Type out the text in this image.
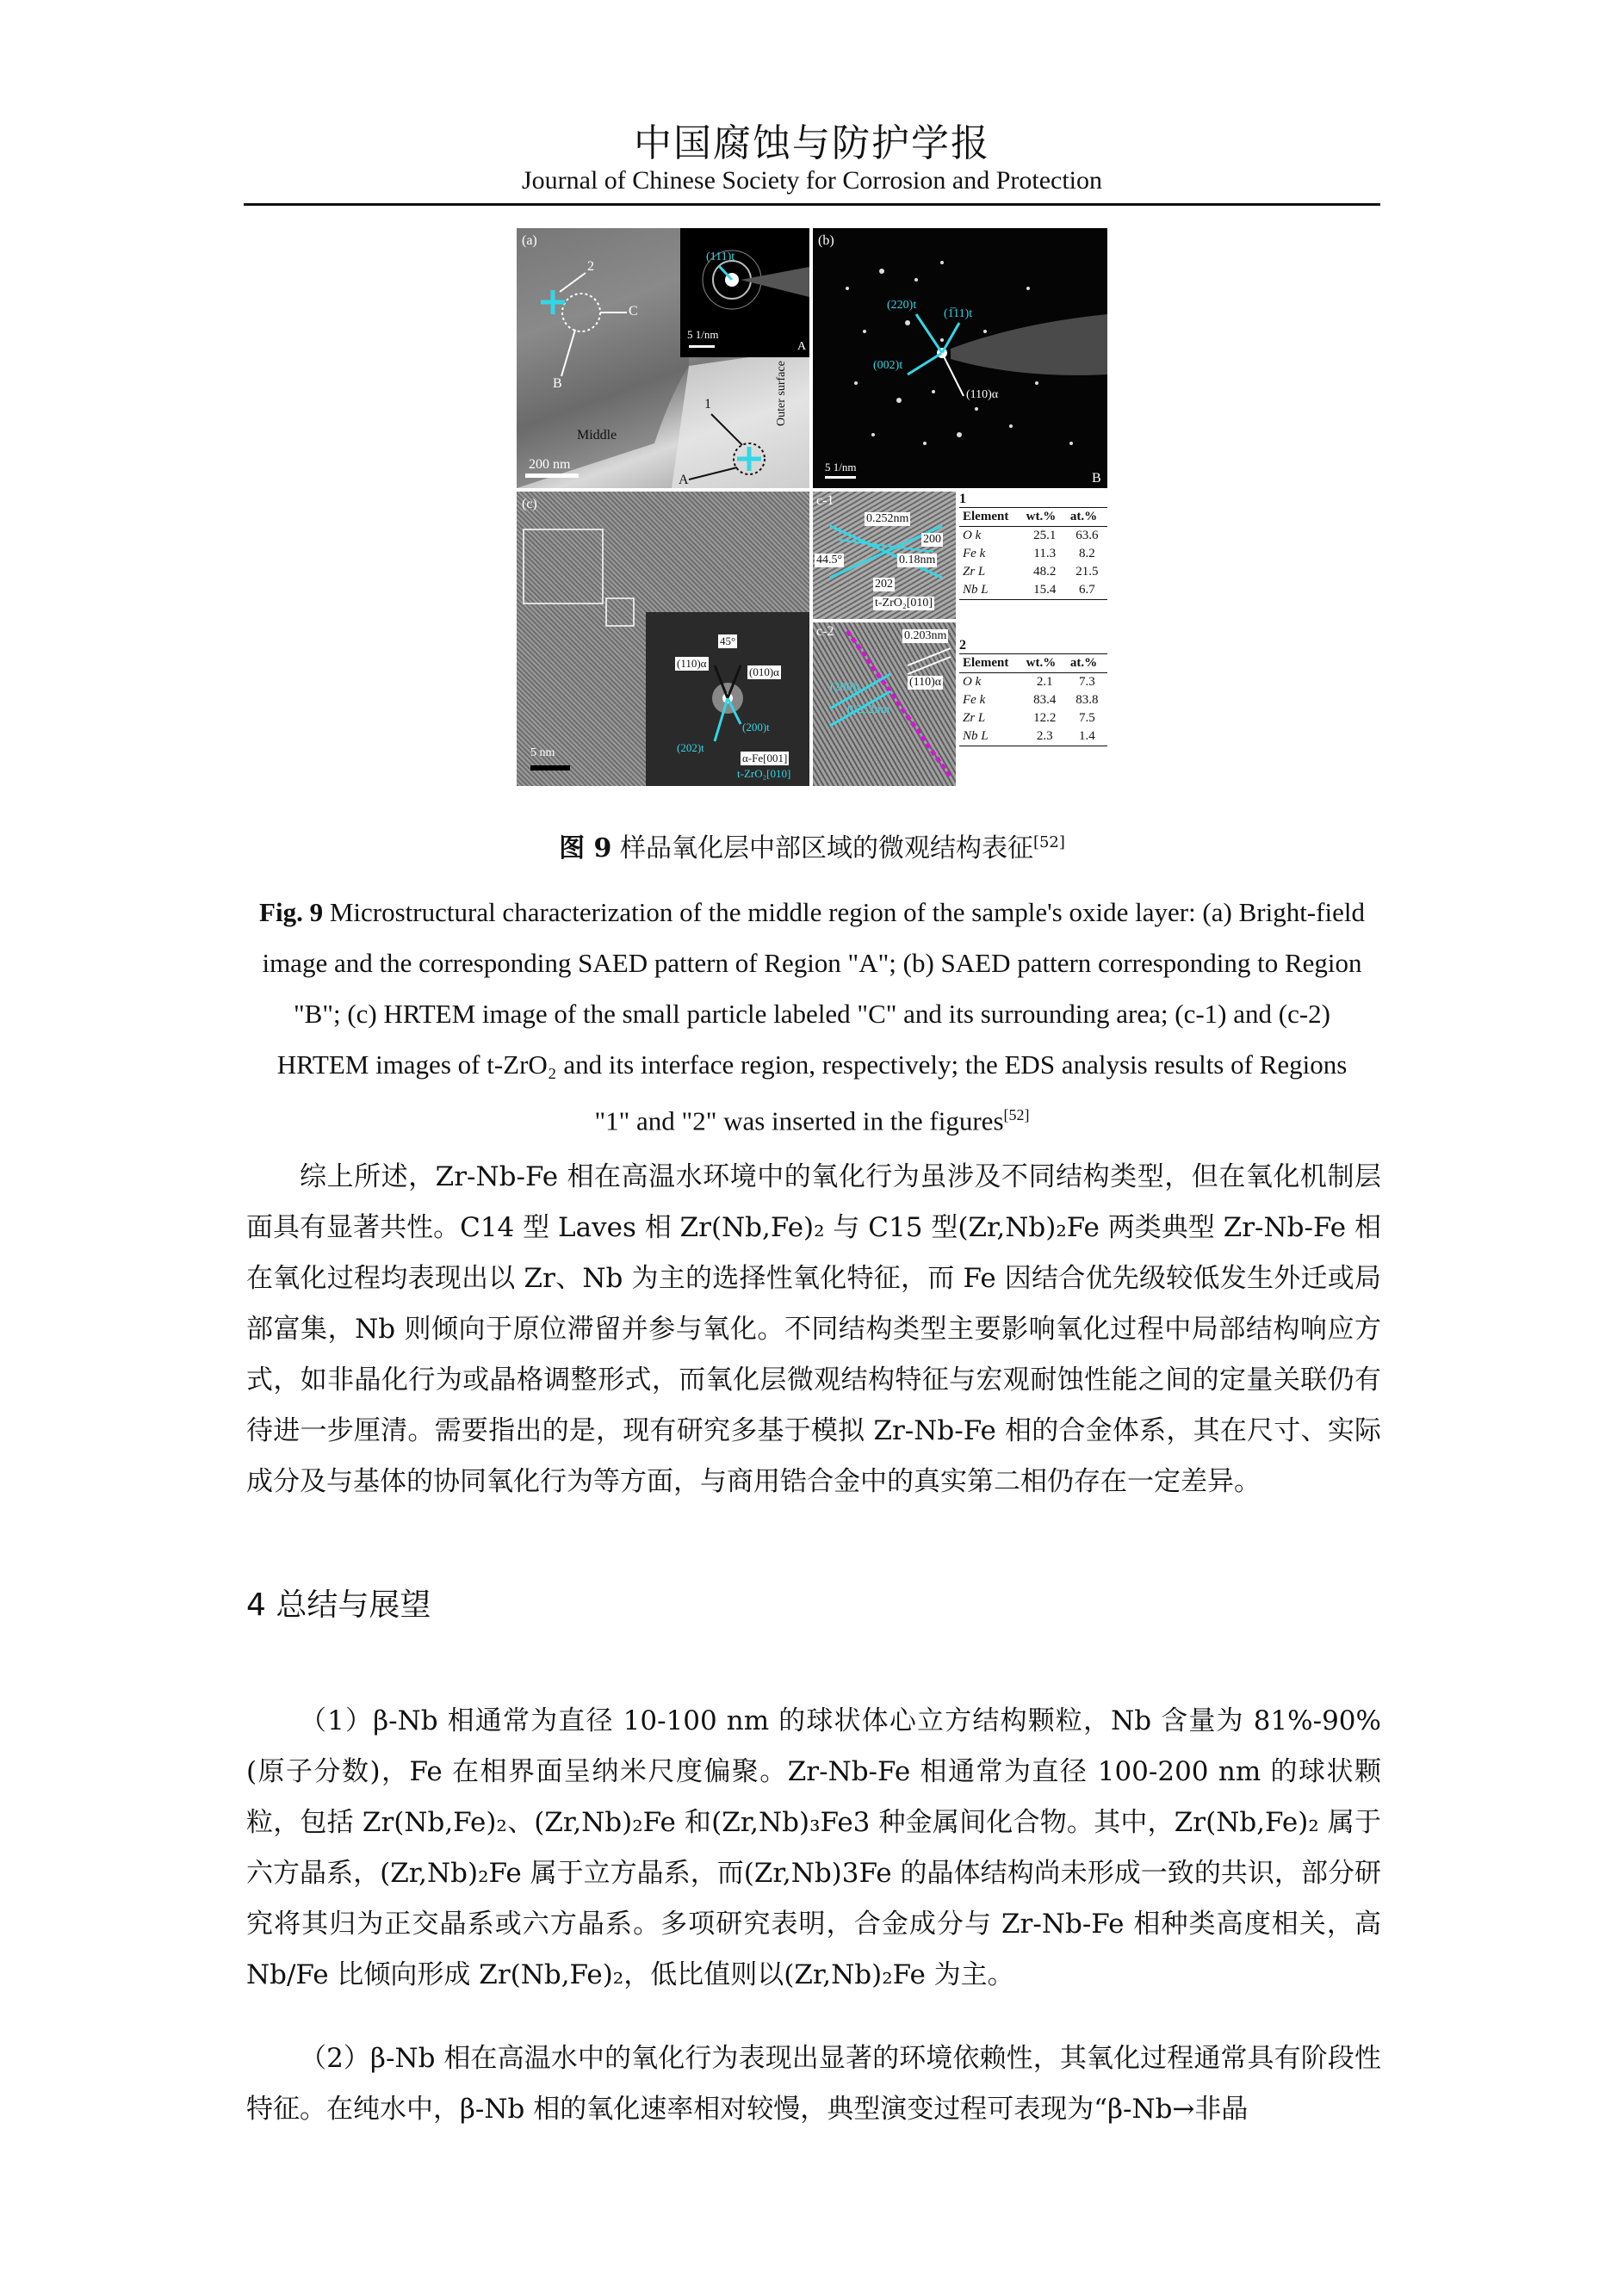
中国腐蚀与防护学报
Journal of Chinese Society for Corrosion and Protection
(a)
2
C
B
1
A
Middle
Outer surface
200 nm
(111)t
5 1/nm
A
(b)
(220)t
(1̅11)t
(002)t
(110)α
5 1/nm
B
(c)
5 nm
45°
(110)α
(010)α
(200)t
(202)t
α-Fe[001]
t-ZrO₂[010]
c-1
0.252nm
200
44.5°	0.18nm
202
t-ZrO₂[010]
c-2	0.203nm
(110)α
(200)t
0.252nm
1
Element	wt.%	at.%
O k	25.1	63.6
Fe k	11.3	8.2
Zr L	48.2	21.5
Nb L	15.4	6.7
2
Element	wt.%	at.%
O k	2.1	7.3
Fe k	83.4	83.8
Zr L	12.2	7.5
Nb L	2.3	1.4
图 9 样品氧化层中部区域的微观结构表征[52]
Fig. 9 Microstructural characterization of the middle region of the sample's oxide layer: (a) Bright-field image and the corresponding SAED pattern of Region "A"; (b) SAED pattern corresponding to Region "B"; (c) HRTEM image of the small particle labeled "C" and its surrounding area; (c-1) and (c-2) HRTEM images of t-ZrO₂ and its interface region, respectively; the EDS analysis results of Regions "1" and "2" was inserted in the figures[52]
综上所述，Zr-Nb-Fe 相在高温水环境中的氧化行为虽涉及不同结构类型，但在氧化机制层面具有显著共性。C14 型 Laves 相 Zr(Nb,Fe)₂ 与 C15 型(Zr,Nb)₂Fe 两类典型 Zr-Nb-Fe 相在氧化过程均表现出以 Zr、Nb 为主的选择性氧化特征，而 Fe 因结合优先级较低发生外迁或局部富集，Nb 则倾向于原位滞留并参与氧化。不同结构类型主要影响氧化过程中局部结构响应方式，如非晶化行为或晶格调整形式，而氧化层微观结构特征与宏观耐蚀性能之间的定量关联仍有待进一步厘清。需要指出的是，现有研究多基于模拟 Zr-Nb-Fe 相的合金体系，其在尺寸、实际成分及与基体的协同氧化行为等方面，与商用锆合金中的真实第二相仍存在一定差异。
4 总结与展望
（1）β-Nb 相通常为直径 10-100 nm 的球状体心立方结构颗粒，Nb 含量为 81%-90%(原子分数)，Fe 在相界面呈纳米尺度偏聚。Zr-Nb-Fe 相通常为直径 100-200 nm 的球状颗粒，包括 Zr(Nb,Fe)₂、(Zr,Nb)₂Fe 和(Zr,Nb)₃Fe3 种金属间化合物。其中，Zr(Nb,Fe)₂ 属于六方晶系，(Zr,Nb)₂Fe 属于立方晶系，而(Zr,Nb)3Fe 的晶体结构尚未形成一致的共识，部分研究将其归为正交晶系或六方晶系。多项研究表明，合金成分与 Zr-Nb-Fe 相种类高度相关，高 Nb/Fe 比倾向形成 Zr(Nb,Fe)₂，低比值则以(Zr,Nb)₂Fe 为主。
（2）β-Nb 相在高温水中的氧化行为表现出显著的环境依赖性，其氧化过程通常具有阶段性特征。在纯水中，β-Nb 相的氧化速率相对较慢，典型演变过程可表现为“β-Nb→非晶
